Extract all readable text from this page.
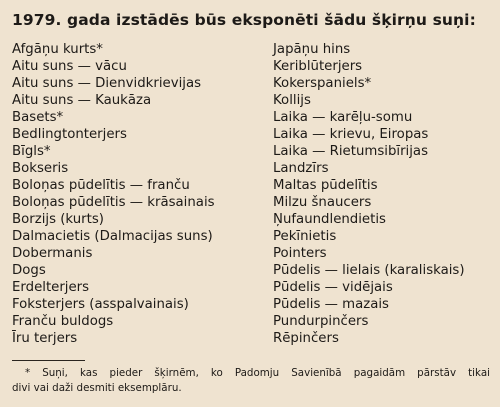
1979. gada izstādēs būs eksponēti šādu šķirņu suņi:
Afgāņu kurts*
Aitu suns — vācu
Aitu suns — Dienvidkrievijas
Aitu suns — Kaukāza
Basets*
Bedlingtonterjers
Bīgls*
Bokseris
Boloņas pūdelītis — franču
Boloņas pūdelītis — krāsainais
Borzijs (kurts)
Dalmacietis (Dalmacijas suns)
Dobermanis
Dogs
Erdelterjers
Foksterjers (asspalvainais)
Franču buldogs
Īru terjers
Japāņu hins
Keriblūterjers
Kokerspaniels*
Kollijs
Laika — karēļu-somu
Laika — krievu, Eiropas
Laika — Rietumsibīrijas
Landzīrs
Maltas pūdelītis
Milzu šnaucers
Ņufaundlendietis
Pekīnietis
Pointers
Pūdelis — lielais (karaliskais)
Pūdelis — vidējais
Pūdelis — mazais
Pundurpinčers
Rēpinčers

* Suņi, kas pieder šķirnēm, ko Padomju Savienībā pagaidām pārstāv tikai
divi vai daži desmiti eksemplāru.
